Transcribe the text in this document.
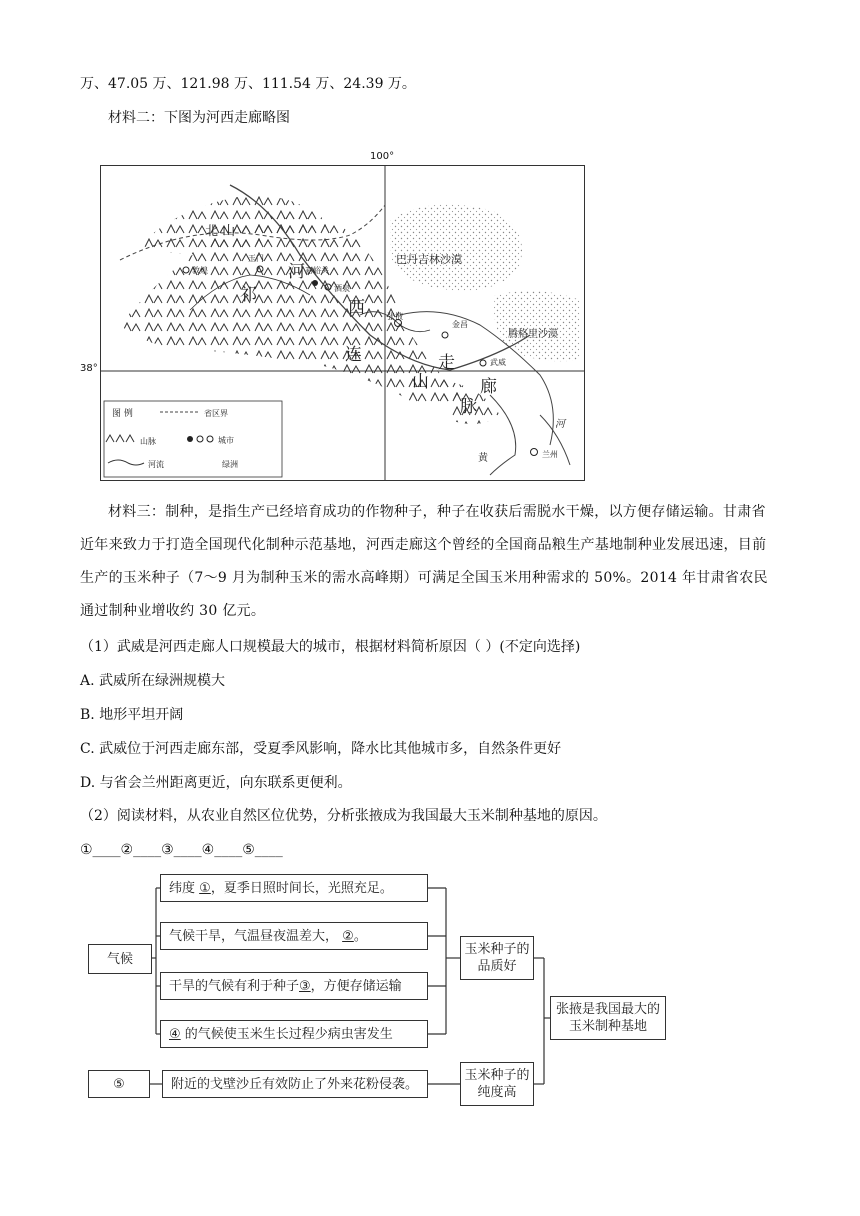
万、47.05 万、121.98 万、111.54 万、24.39 万。
材料二：下图为河西走廊略图
敦煌
玉门
嘉峪关
酒泉
张掖
金昌
武威
兰州
北 山
祁
连
山
脉
河
西
走
廊
巴丹吉林沙漠
腾格里沙漠
河
黄
图 例	省区界
山脉	城市
河流	绿洲
100°
38°
材料三：制种，是指生产已经培育成功的作物种子，种子在收获后需脱水干燥，以方便存储运输。甘肃省近年来致力于打造全国现代化制种示范基地，河西走廊这个曾经的全国商品粮生产基地制种业发展迅速，目前生产的玉米种子（7～9 月为制种玉米的需水高峰期）可满足全国玉米用种需求的 50%。2014 年甘肃省农民通过制种业增收约 30 亿元。
（1）武威是河西走廊人口规模最大的城市，根据材料简析原因（ ）(不定向选择)
A. 武威所在绿洲规模大
B. 地形平坦开阔
C. 武威位于河西走廊东部，受夏季风影响，降水比其他城市多，自然条件更好
D. 与省会兰州距离更近，向东联系更便利。
（2）阅读材料，从农业自然区位优势，分析张掖成为我国最大玉米制种基地的原因。
①____②____③____④____⑤____
气候
纬度
① ，夏季日照时间长，光照充足。
气候干旱，气温昼夜温差大，
② 。
干旱的气候有利于种子 ③ ，方便存储运输
④
的气候使玉米生长过程少病虫害发生
⑤	附近的戈壁沙丘有效防止了外来花粉侵袭。
玉米种子的品质好
玉米种子的纯度高
张掖是我国最大的玉米制种基地
